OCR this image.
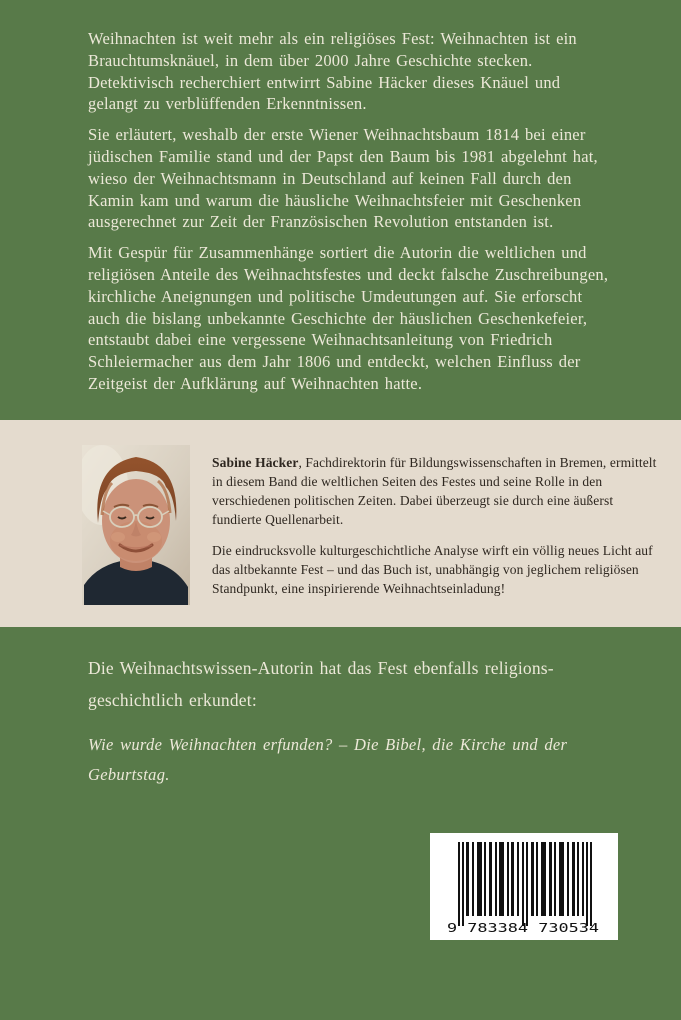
Weihnachten ist weit mehr als ein religiöses Fest: Weihnachten ist ein Brauchtumsknäuel, in dem über 2000 Jahre Geschichte stecken. Detektivisch recherchiert entwirrt Sabine Häcker dieses Knäuel und gelangt zu verblüffenden Erkenntnissen.

Sie erläutert, weshalb der erste Wiener Weihnachtsbaum 1814 bei einer jüdischen Familie stand und der Papst den Baum bis 1981 abgelehnt hat, wieso der Weihnachtsmann in Deutschland auf keinen Fall durch den Kamin kam und warum die häusliche Weihnachtsfeier mit Geschenken ausgerechnet zur Zeit der Französischen Revolution entstanden ist.

Mit Gespür für Zusammenhänge sortiert die Autorin die weltlichen und religiösen Anteile des Weihnachtsfestes und deckt falsche Zuschreibungen, kirchliche Aneignungen und politische Umdeutungen auf. Sie erforscht auch die bislang unbekannte Geschichte der häuslichen Geschenkefeier, entstaubt dabei eine vergessene Weihnachtsanleitung von Friedrich Schleiermacher aus dem Jahr 1806 und entdeckt, welchen Einfluss der Zeitgeist der Aufklärung auf Weihnachten hatte.

Sabine Häcker, Fachdirektorin für Bildungswissenschaften in Bremen, ermittelt in diesem Band die weltlichen Seiten des Festes und seine Rolle in den verschiedenen politischen Zeiten. Dabei überzeugt sie durch eine äußerst fundierte Quellenarbeit.

Die eindrucksvolle kulturgeschichtliche Analyse wirft ein völlig neues Licht auf das altbekannte Fest – und das Buch ist, unabhängig von jeglichem religiösen Standpunkt, eine inspirierende Weihnachtseinladung!

Die Weihnachtswissen-Autorin hat das Fest ebenfalls religions-
geschichtlich erkundet:

Wie wurde Weihnachten erfunden? – Die Bibel, die Kirche und der Geburtstag.

9 783384 730534
